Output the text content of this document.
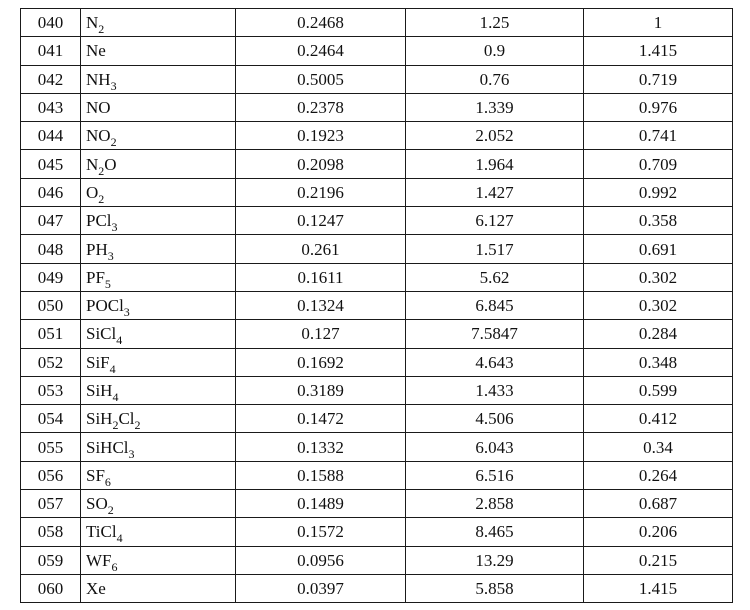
040	$N_2$	0.2468	1.25	1
041	Ne	0.2464	0.9	1.415
042	$NH_3$	0.5005	0.76	0.719
043	NO	0.2378	1.339	0.976
044	$NO_2$	0.1923	2.052	0.741
045	$N_2O$	0.2098	1.964	0.709
046	$O_2$	0.2196	1.427	0.992
047	PCl$_3$	0.1247	6.127	0.358
048	$PH_3$	0.261	1.517	0.691
049	$PF_5$	0.1611	5.62	0.302
050	POCl$_3$	0.1324	6.845	0.302
051	SiCl$_4$	0.127	7.5847	0.284
052	SiF$_4$	0.1692	4.643	0.348
053	SiH$_4$	0.3189	1.433	0.599
054	$SiH_2Cl_2$	0.1472	4.506	0.412
055	SiHCl$_3$	0.1332	6.043	0.34
056	$SF_6$	0.1588	6.516	0.264
057	$SO_2$	0.1489	2.858	0.687
058	TiCl$_4$	0.1572	8.465	0.206
059	$WF_6$	0.0956	13.29	0.215
060	Xe	0.0397	5.858	1.415
